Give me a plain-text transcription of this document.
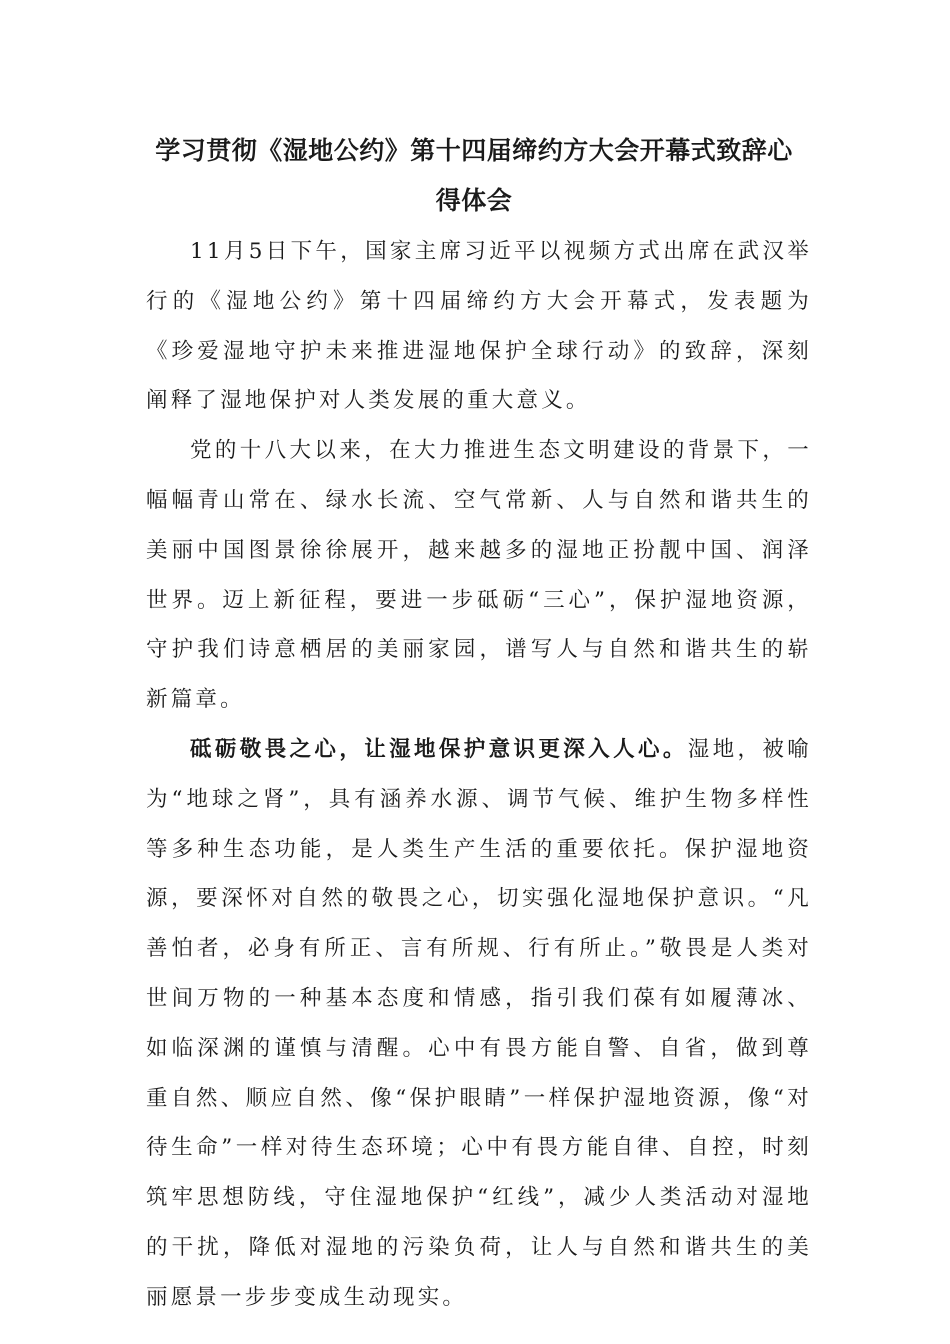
学习贯彻《湿地公约》第十四届缔约方大会开幕式致辞心
得体会

11月5日下午，国家主席习近平以视频方式出席在武汉举行的《湿地公约》第十四届缔约方大会开幕式，发表题为《珍爱湿地守护未来推进湿地保护全球行动》的致辞，深刻阐释了湿地保护对人类发展的重大意义。

党的十八大以来，在大力推进生态文明建设的背景下，一幅幅青山常在、绿水长流、空气常新、人与自然和谐共生的美丽中国图景徐徐展开，越来越多的湿地正扮靓中国、润泽世界。迈上新征程，要进一步砥砺“三心”，保护湿地资源，守护我们诗意栖居的美丽家园，谱写人与自然和谐共生的崭新篇章。

砥砺敬畏之心，让湿地保护意识更深入人心。湿地，被喻为“地球之肾”，具有涵养水源、调节气候、维护生物多样性等多种生态功能，是人类生产生活的重要依托。保护湿地资源，要深怀对自然的敬畏之心，切实强化湿地保护意识。“凡善怕者，必身有所正、言有所规、行有所止。”敬畏是人类对世间万物的一种基本态度和情感，指引我们葆有如履薄冰、如临深渊的谨慎与清醒。心中有畏方能自警、自省，做到尊重自然、顺应自然、像“保护眼睛”一样保护湿地资源，像“对待生命”一样对待生态环境；心中有畏方能自律、自控，时刻筑牢思想防线，守住湿地保护“红线”，减少人类活动对湿地的干扰，降低对湿地的污染负荷，让人与自然和谐共生的美丽愿景一步步变成生动现实。
